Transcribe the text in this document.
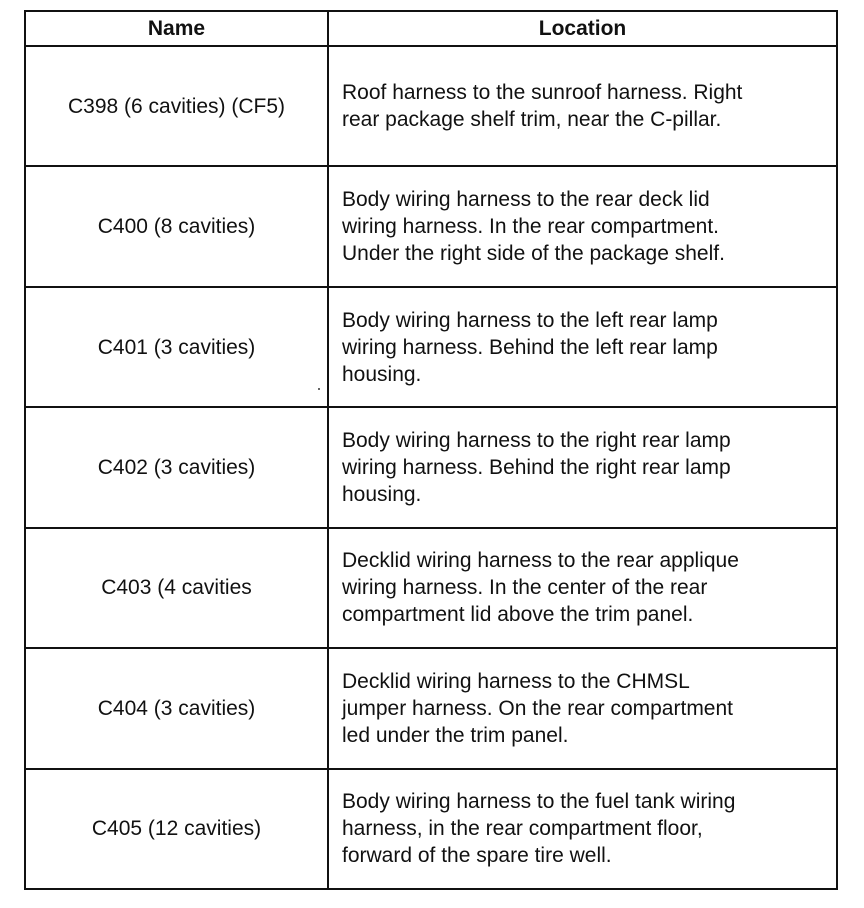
Name	Location
C398 (6 cavities) (CF5)	Roof harness to the sunroof harness. Right
rear package shelf trim, near the C-pillar.
C400 (8 cavities)	Body wiring harness to the rear deck lid
wiring harness. In the rear compartment.
Under the right side of the package shelf.
C401 (3 cavities)	Body wiring harness to the left rear lamp
wiring harness. Behind the left rear lamp
housing.
C402 (3 cavities)	Body wiring harness to the right rear lamp
wiring harness. Behind the right rear lamp
housing.
C403 (4 cavities	Decklid wiring harness to the rear applique
wiring harness. In the center of the rear
compartment lid above the trim panel.
C404 (3 cavities)	Decklid wiring harness to the CHMSL
jumper harness. On the rear compartment
led under the trim panel.
C405 (12 cavities)	Body wiring harness to the fuel tank wiring
harness, in the rear compartment floor,
forward of the spare tire well.
